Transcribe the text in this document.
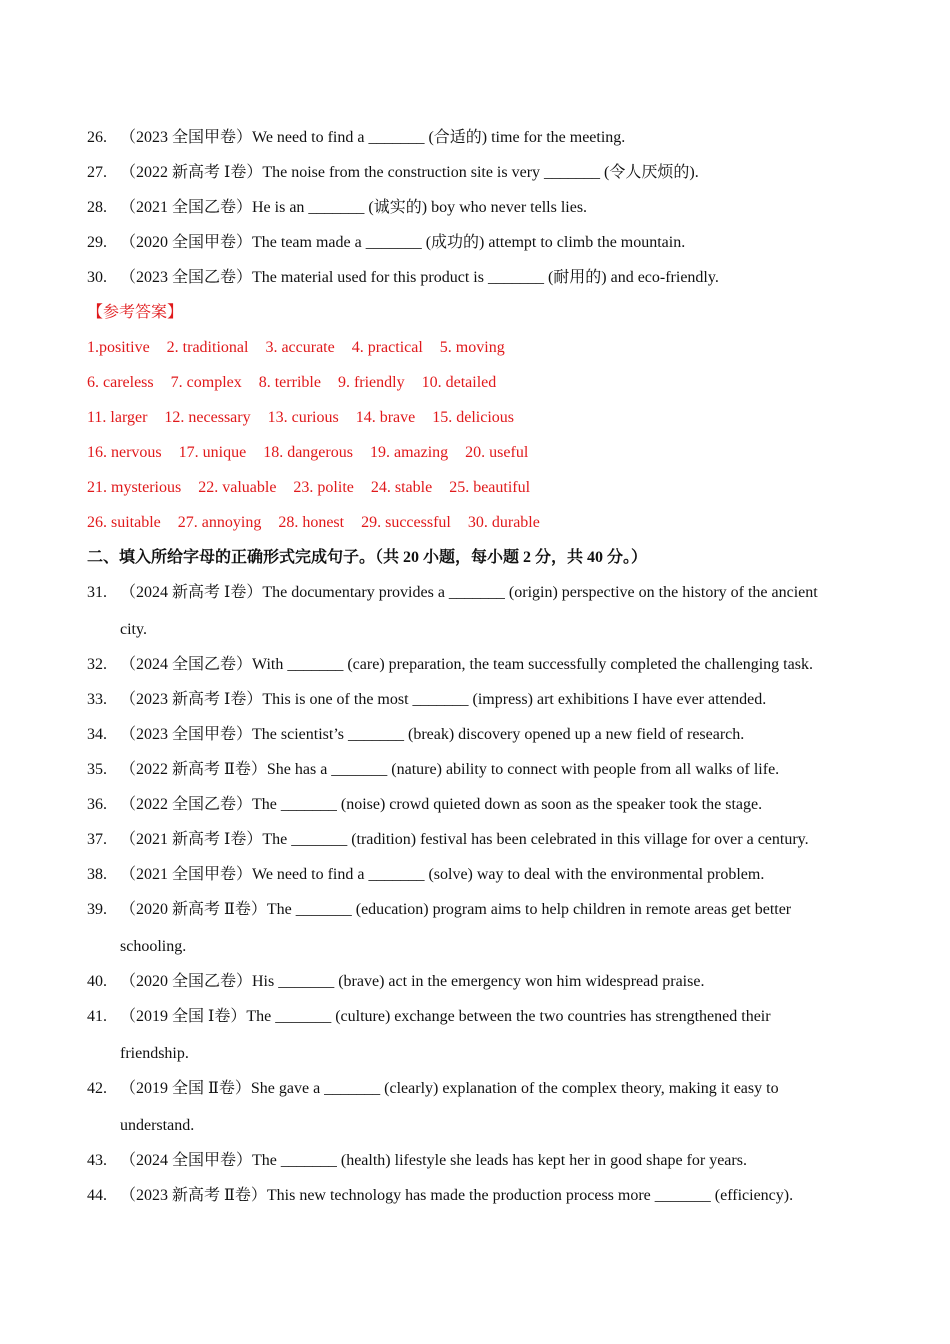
26. （2023 全国甲卷）We need to find a _______ (合适的) time for the meeting.
27. （2022 新高考 Ⅰ卷）The noise from the construction site is very _______ (令人厌烦的).
28. （2021 全国乙卷）He is an _______ (诚实的) boy who never tells lies.
29. （2020 全国甲卷）The team made a _______ (成功的) attempt to climb the mountain.
30. （2023 全国乙卷）The material used for this product is _______ (耐用的) and eco-friendly.
【参考答案】
1.positive 2. traditional 3. accurate 4. practical 5. moving
6. careless 7. complex 8. terrible 9. friendly 10. detailed
11. larger 12. necessary 13. curious 14. brave 15. delicious
16. nervous 17. unique 18. dangerous 19. amazing 20. useful
21. mysterious 22. valuable 23. polite 24. stable 25. beautiful
26. suitable 27. annoying 28. honest 29. successful 30. durable
二、填入所给字母的正确形式完成句子。（共 20 小题，每小题 2 分，共 40 分。）
31. （2024 新高考 Ⅰ卷）The documentary provides a _______ (origin) perspective on the history of the ancient
city.
32. （2024 全国乙卷）With _______ (care) preparation, the team successfully completed the challenging task.
33. （2023 新高考 Ⅰ卷）This is one of the most _______ (impress) art exhibitions I have ever attended.
34. （2023 全国甲卷）The scientist’s _______ (break) discovery opened up a new field of research.
35. （2022 新高考 Ⅱ卷）She has a _______ (nature) ability to connect with people from all walks of life.
36. （2022 全国乙卷）The _______ (noise) crowd quieted down as soon as the speaker took the stage.
37. （2021 新高考 Ⅰ卷）The _______ (tradition) festival has been celebrated in this village for over a century.
38. （2021 全国甲卷）We need to find a _______ (solve) way to deal with the environmental problem.
39. （2020 新高考 Ⅱ卷）The _______ (education) program aims to help children in remote areas get better
schooling.
40. （2020 全国乙卷）His _______ (brave) act in the emergency won him widespread praise.
41. （2019 全国 Ⅰ卷）The _______ (culture) exchange between the two countries has strengthened their
friendship.
42. （2019 全国 Ⅱ卷）She gave a _______ (clearly) explanation of the complex theory, making it easy to
understand.
43. （2024 全国甲卷）The _______ (health) lifestyle she leads has kept her in good shape for years.
44. （2023 新高考 Ⅱ卷）This new technology has made the production process more _______ (efficiency).
